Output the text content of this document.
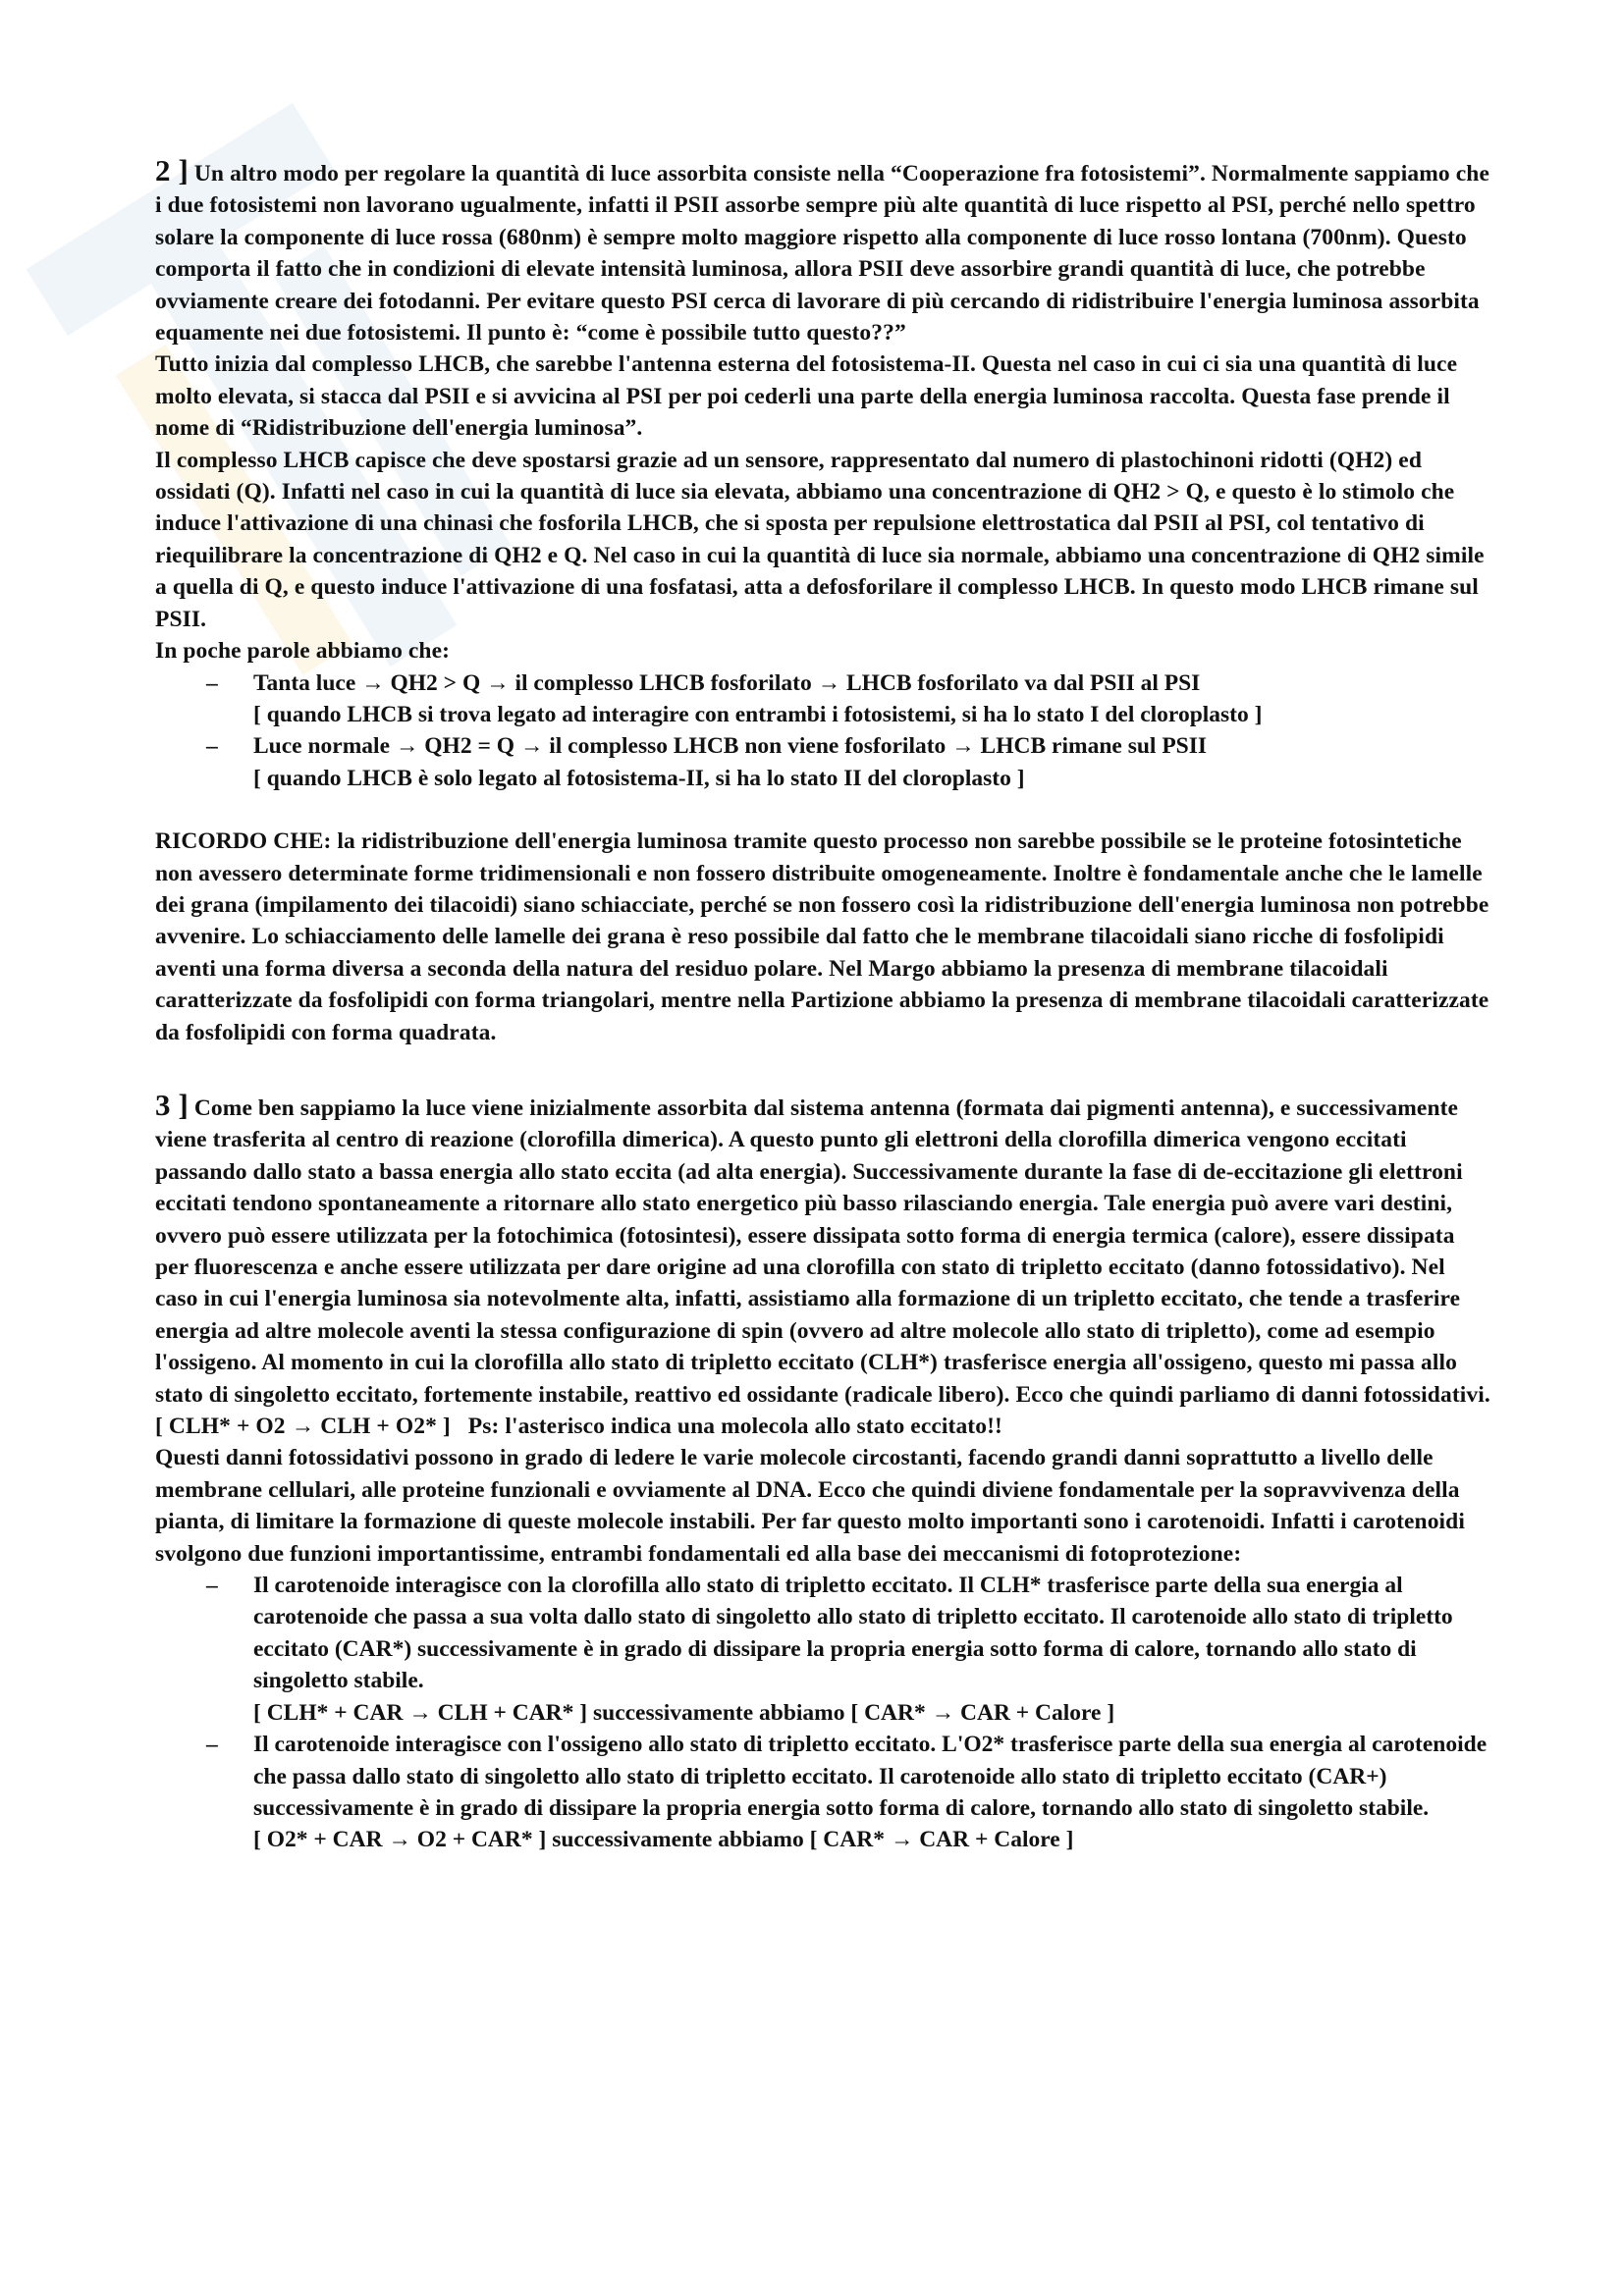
2 ] Un altro modo per regolare la quantità di luce assorbita consiste nella “Cooperazione fra fotosistemi”. Normalmente sappiamo che i due fotosistemi non lavorano ugualmente, infatti il PSII assorbe sempre più alte quantità di luce rispetto al PSI, perché nello spettro solare la componente di luce rossa (680nm) è sempre molto maggiore rispetto alla componente di luce rosso lontana (700nm). Questo comporta il fatto che in condizioni di elevate intensità luminosa, allora PSII deve assorbire grandi quantità di luce, che potrebbe ovviamente creare dei fotodanni. Per evitare questo PSI cerca di lavorare di più cercando di ridistribuire l'energia luminosa assorbita equamente nei due fotosistemi. Il punto è: “come è possibile tutto questo??”

Tutto inizia dal complesso LHCB, che sarebbe l'antenna esterna del fotosistema-II. Questa nel caso in cui ci sia una quantità di luce molto elevata, si stacca dal PSII e si avvicina al PSI per poi cederli una parte della energia luminosa raccolta. Questa fase prende il nome di “Ridistribuzione dell'energia luminosa”.

Il complesso LHCB capisce che deve spostarsi grazie ad un sensore, rappresentato dal numero di plastochinoni ridotti (QH2) ed ossidati (Q). Infatti nel caso in cui la quantità di luce sia elevata, abbiamo una concentrazione di QH2 > Q, e questo è lo stimolo che induce l'attivazione di una chinasi che fosforila LHCB, che si sposta per repulsione elettrostatica dal PSII al PSI, col tentativo di riequilibrare la concentrazione di QH2 e Q. Nel caso in cui la quantità di luce sia normale, abbiamo una concentrazione di QH2 simile a quella di Q, e questo induce l'attivazione di una fosfatasi, atta a defosforilare il complesso LHCB. In questo modo LHCB rimane sul PSII.

In poche parole abbiamo che:

– Tanta luce → QH2 > Q → il complesso LHCB fosforilato → LHCB fosforilato va dal PSII al PSI
[ quando LHCB si trova legato ad interagire con entrambi i fotosistemi, si ha lo stato I del cloroplasto ]
– Luce normale → QH2 = Q → il complesso LHCB non viene fosforilato → LHCB rimane sul PSII
[ quando LHCB è solo legato al fotosistema-II, si ha lo stato II del cloroplasto ]

RICORDO CHE: la ridistribuzione dell'energia luminosa tramite questo processo non sarebbe possibile se le proteine fotosintetiche non avessero determinate forme tridimensionali e non fossero distribuite omogeneamente. Inoltre è fondamentale anche che le lamelle dei grana (impilamento dei tilacoidi) siano schiacciate, perché se non fossero così la ridistribuzione dell'energia luminosa non potrebbe avvenire. Lo schiacciamento delle lamelle dei grana è reso possibile dal fatto che le membrane tilacoidali siano ricche di fosfolipidi aventi una forma diversa a seconda della natura del residuo polare. Nel Margo abbiamo la presenza di membrane tilacoidali caratterizzate da fosfolipidi con forma triangolari, mentre nella Partizione abbiamo la presenza di membrane tilacoidali caratterizzate da fosfolipidi con forma quadrata.

3 ] Come ben sappiamo la luce viene inizialmente assorbita dal sistema antenna (formata dai pigmenti antenna), e successivamente viene trasferita al centro di reazione (clorofilla dimerica). A questo punto gli elettroni della clorofilla dimerica vengono eccitati passando dallo stato a bassa energia allo stato eccita (ad alta energia). Successivamente durante la fase di de-eccitazione gli elettroni eccitati tendono spontaneamente a ritornare allo stato energetico più basso rilasciando energia. Tale energia può avere vari destini, ovvero può essere utilizzata per la fotochimica (fotosintesi), essere dissipata sotto forma di energia termica (calore), essere dissipata per fluorescenza e anche essere utilizzata per dare origine ad una clorofilla con stato di tripletto eccitato (danno fotossidativo). Nel caso in cui l'energia luminosa sia notevolmente alta, infatti, assistiamo alla formazione di un tripletto eccitato, che tende a trasferire energia ad altre molecole aventi la stessa configurazione di spin (ovvero ad altre molecole allo stato di tripletto), come ad esempio l'ossigeno. Al momento in cui la clorofilla allo stato di tripletto eccitato (CLH*) trasferisce energia all'ossigeno, questo mi passa allo stato di singoletto eccitato, fortemente instabile, reattivo ed ossidante (radicale libero). Ecco che quindi parliamo di danni fotossidativi.

[ CLH* + O2 → CLH + O2* ] Ps: l'asterisco indica una molecola allo stato eccitato!!

Questi danni fotossidativi possono in grado di ledere le varie molecole circostanti, facendo grandi danni soprattutto a livello delle membrane cellulari, alle proteine funzionali e ovviamente al DNA. Ecco che quindi diviene fondamentale per la sopravvivenza della pianta, di limitare la formazione di queste molecole instabili. Per far questo molto importanti sono i carotenoidi. Infatti i carotenoidi svolgono due funzioni importantissime, entrambi fondamentali ed alla base dei meccanismi di fotoprotezione:

– Il carotenoide interagisce con la clorofilla allo stato di tripletto eccitato. Il CLH* trasferisce parte della sua energia al carotenoide che passa a sua volta dallo stato di singoletto allo stato di tripletto eccitato. Il carotenoide allo stato di tripletto eccitato (CAR*) successivamente è in grado di dissipare la propria energia sotto forma di calore, tornando allo stato di singoletto stabile.
[ CLH* + CAR → CLH + CAR* ] successivamente abbiamo [ CAR* → CAR + Calore ]
– Il carotenoide interagisce con l'ossigeno allo stato di tripletto eccitato. L'O2* trasferisce parte della sua energia al carotenoide che passa dallo stato di singoletto allo stato di tripletto eccitato. Il carotenoide allo stato di tripletto eccitato (CAR+) successivamente è in grado di dissipare la propria energia sotto forma di calore, tornando allo stato di singoletto stabile.
[ O2* + CAR → O2 + CAR* ] successivamente abbiamo [ CAR* → CAR + Calore ]
